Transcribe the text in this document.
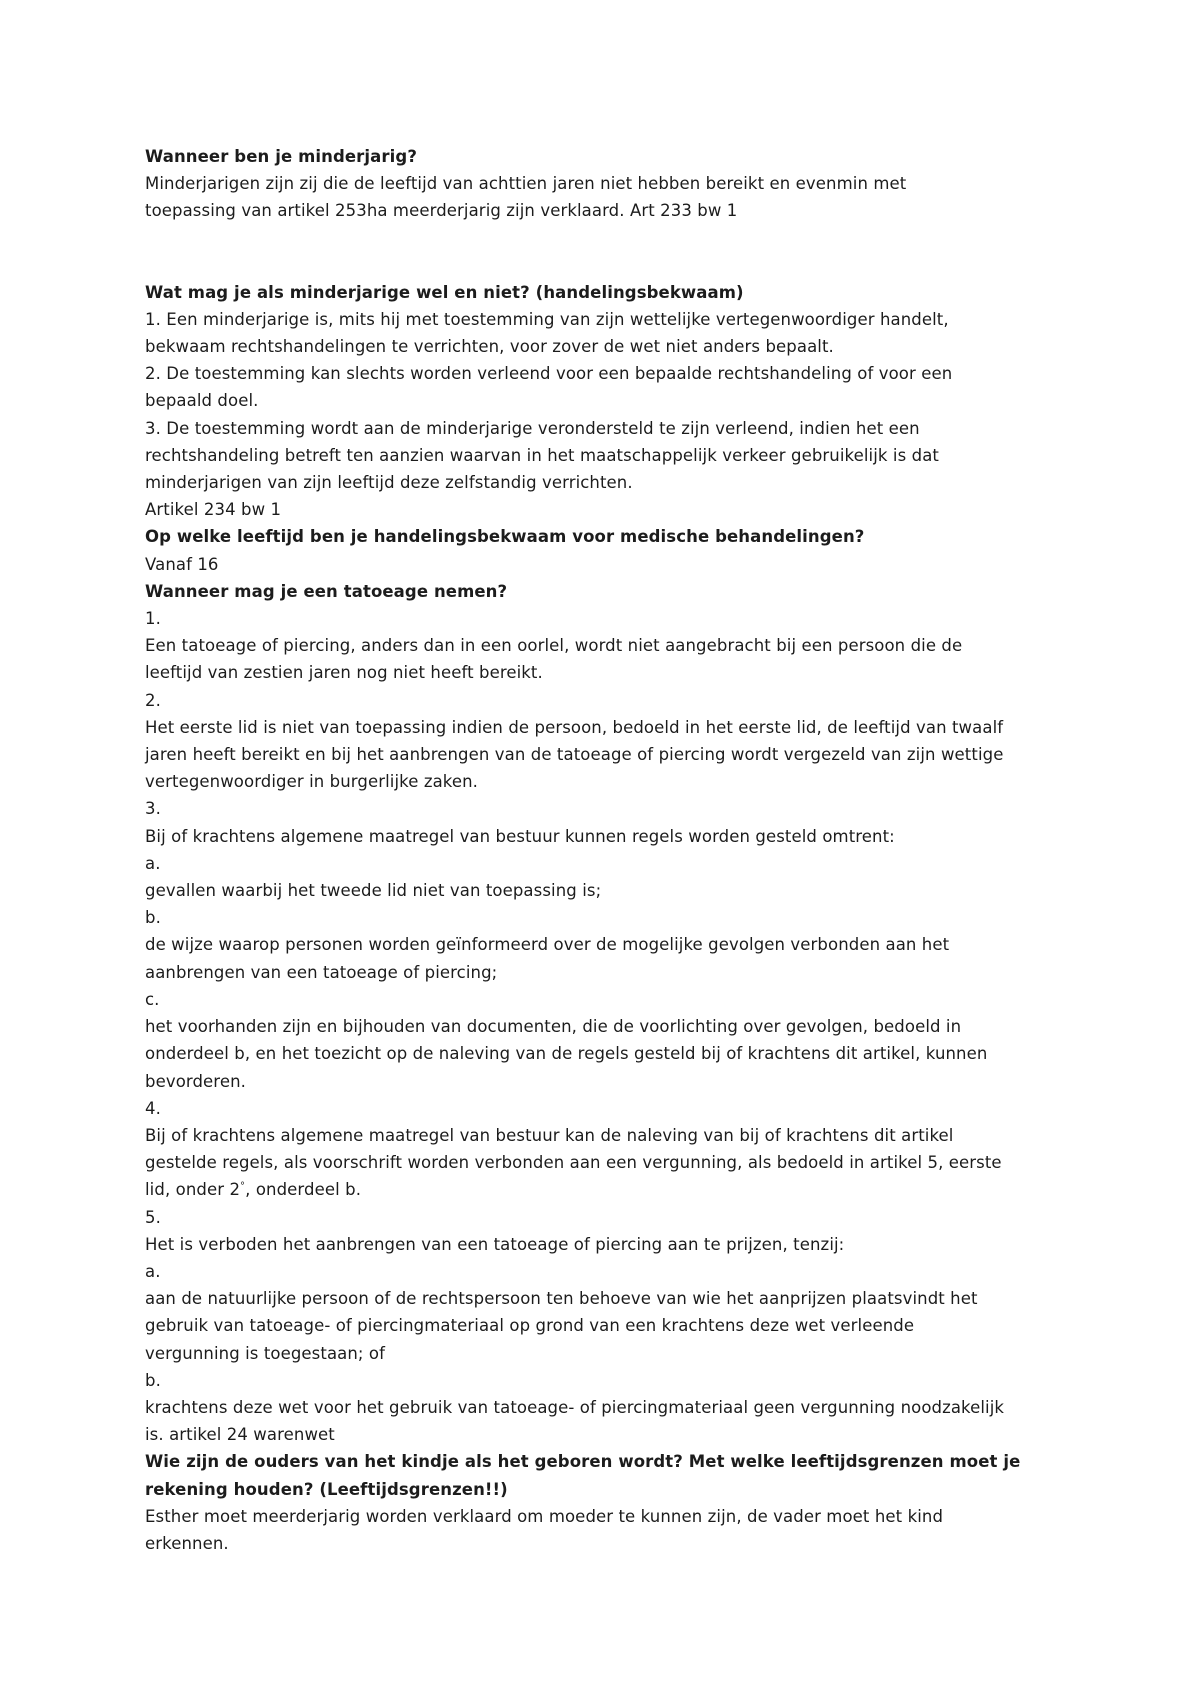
Wanneer ben je minderjarig?

Minderjarigen zijn zij die de leeftijd van achttien jaren niet hebben bereikt en evenmin met

toepassing van artikel 253ha meerderjarig zijn verklaard. Art 233 bw 1

Wat mag je als minderjarige wel en niet? (handelingsbekwaam)

1. Een minderjarige is, mits hij met toestemming van zijn wettelijke vertegenwoordiger handelt,

bekwaam rechtshandelingen te verrichten, voor zover de wet niet anders bepaalt.

2. De toestemming kan slechts worden verleend voor een bepaalde rechtshandeling of voor een

bepaald doel.

3. De toestemming wordt aan de minderjarige verondersteld te zijn verleend, indien het een

rechtshandeling betreft ten aanzien waarvan in het maatschappelijk verkeer gebruikelijk is dat

minderjarigen van zijn leeftijd deze zelfstandig verrichten.

Artikel 234 bw 1

Op welke leeftijd ben je handelingsbekwaam voor medische behandelingen?

Vanaf 16

Wanneer mag je een tatoeage nemen?

1.

Een tatoeage of piercing, anders dan in een oorlel, wordt niet aangebracht bij een persoon die de

leeftijd van zestien jaren nog niet heeft bereikt.

2.

Het eerste lid is niet van toepassing indien de persoon, bedoeld in het eerste lid, de leeftijd van twaalf

jaren heeft bereikt en bij het aanbrengen van de tatoeage of piercing wordt vergezeld van zijn wettige

vertegenwoordiger in burgerlijke zaken.

3.

Bij of krachtens algemene maatregel van bestuur kunnen regels worden gesteld omtrent:

a.

gevallen waarbij het tweede lid niet van toepassing is;

b.

de wijze waarop personen worden geïnformeerd over de mogelijke gevolgen verbonden aan het

aanbrengen van een tatoeage of piercing;

c.

het voorhanden zijn en bijhouden van documenten, die de voorlichting over gevolgen, bedoeld in

onderdeel b, en het toezicht op de naleving van de regels gesteld bij of krachtens dit artikel, kunnen

bevorderen.

4.

Bij of krachtens algemene maatregel van bestuur kan de naleving van bij of krachtens dit artikel

gestelde regels, als voorschrift worden verbonden aan een vergunning, als bedoeld in artikel 5, eerste

lid, onder 2°, onderdeel b.

5.

Het is verboden het aanbrengen van een tatoeage of piercing aan te prijzen, tenzij:

a.

aan de natuurlijke persoon of de rechtspersoon ten behoeve van wie het aanprijzen plaatsvindt het

gebruik van tatoeage- of piercingmateriaal op grond van een krachtens deze wet verleende

vergunning is toegestaan; of

b.

krachtens deze wet voor het gebruik van tatoeage- of piercingmateriaal geen vergunning noodzakelijk

is. artikel 24 warenwet

Wie zijn de ouders van het kindje als het geboren wordt? Met welke leeftijdsgrenzen moet je

rekening houden? (Leeftijdsgrenzen!!)

Esther moet meerderjarig worden verklaard om moeder te kunnen zijn, de vader moet het kind

erkennen.
